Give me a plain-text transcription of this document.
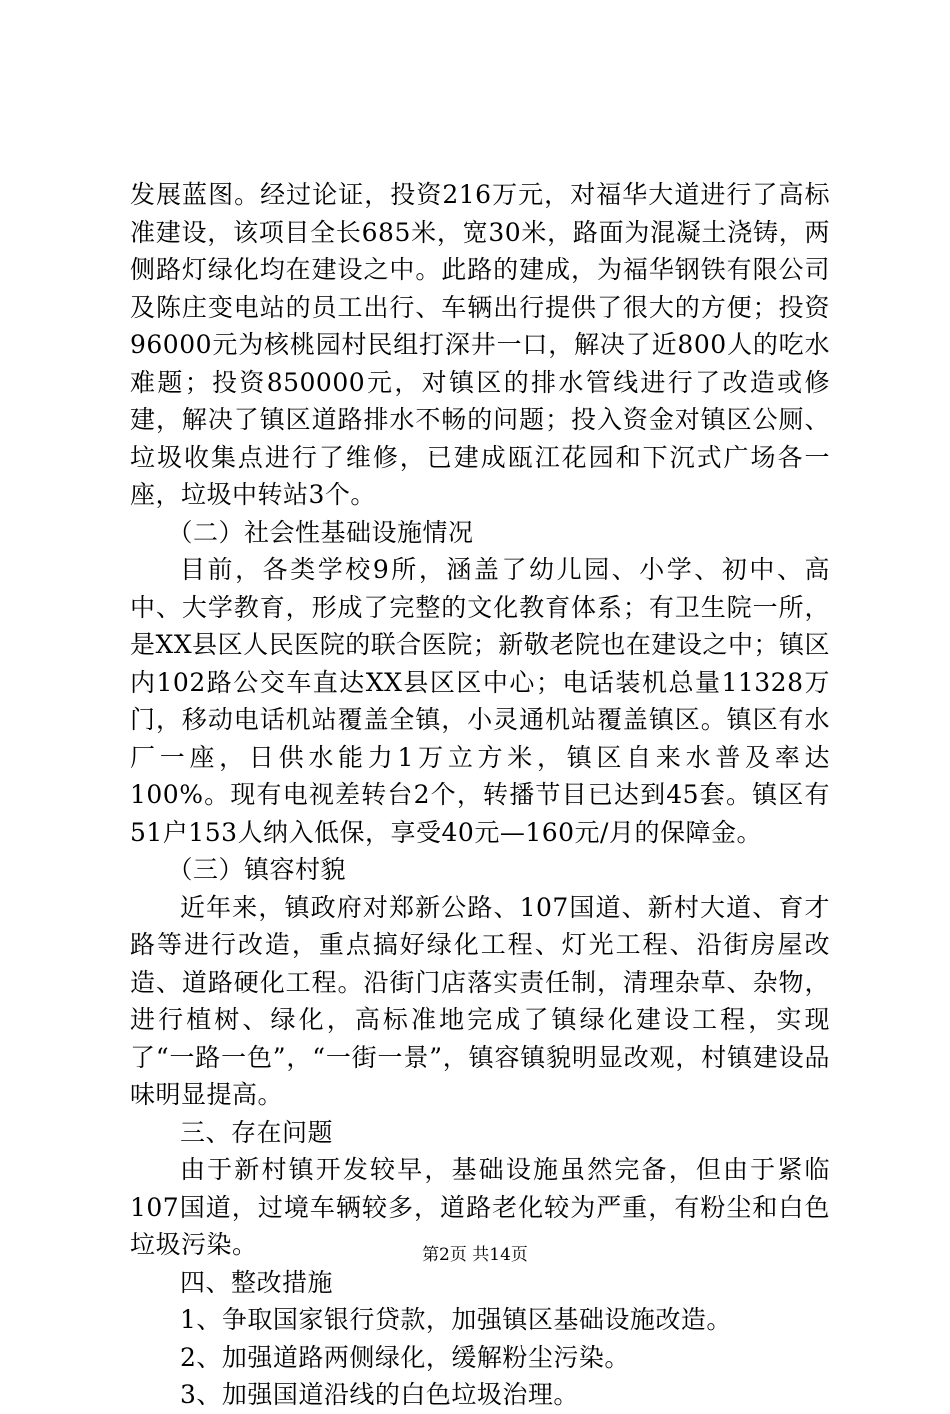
发展蓝图。经过论证，投资216万元，对福华大道进行了高标准建设，该项目全长685米，宽30米，路面为混凝土浇铸，两侧路灯绿化均在建设之中。此路的建成，为福华钢铁有限公司及陈庄变电站的员工出行、车辆出行提供了很大的方便；投资96000元为核桃园村民组打深井一口，解决了近800人的吃水难题；投资850000元，对镇区的排水管线进行了改造或修建，解决了镇区道路排水不畅的问题；投入资金对镇区公厕、垃圾收集点进行了维修，已建成瓯江花园和下沉式广场各一座，垃圾中转站3个。

（二）社会性基础设施情况

目前，各类学校9所，涵盖了幼儿园、小学、初中、高中、大学教育，形成了完整的文化教育体系；有卫生院一所，是XX县区人民医院的联合医院；新敬老院也在建设之中；镇区内102路公交车直达XX县区区中心；电话装机总量11328万门，移动电话机站覆盖全镇，小灵通机站覆盖镇区。镇区有水厂一座，日供水能力1万立方米，镇区自来水普及率达100%。现有电视差转台2个，转播节目已达到45套。镇区有51户153人纳入低保，享受40元—160元/月的保障金。

（三）镇容村貌

近年来，镇政府对郑新公路、107国道、新村大道、育才路等进行改造，重点搞好绿化工程、灯光工程、沿街房屋改造、道路硬化工程。沿街门店落实责任制，清理杂草、杂物，进行植树、绿化，高标准地完成了镇绿化建设工程，实现了“一路一色”，“一街一景”，镇容镇貌明显改观，村镇建设品味明显提高。

三、存在问题

由于新村镇开发较早，基础设施虽然完备，但由于紧临107国道，过境车辆较多，道路老化较为严重，有粉尘和白色垃圾污染。

四、整改措施

1、争取国家银行贷款，加强镇区基础设施改造。

2、加强道路两侧绿化，缓解粉尘污染。

3、加强国道沿线的白色垃圾治理。

第2页 共14页
